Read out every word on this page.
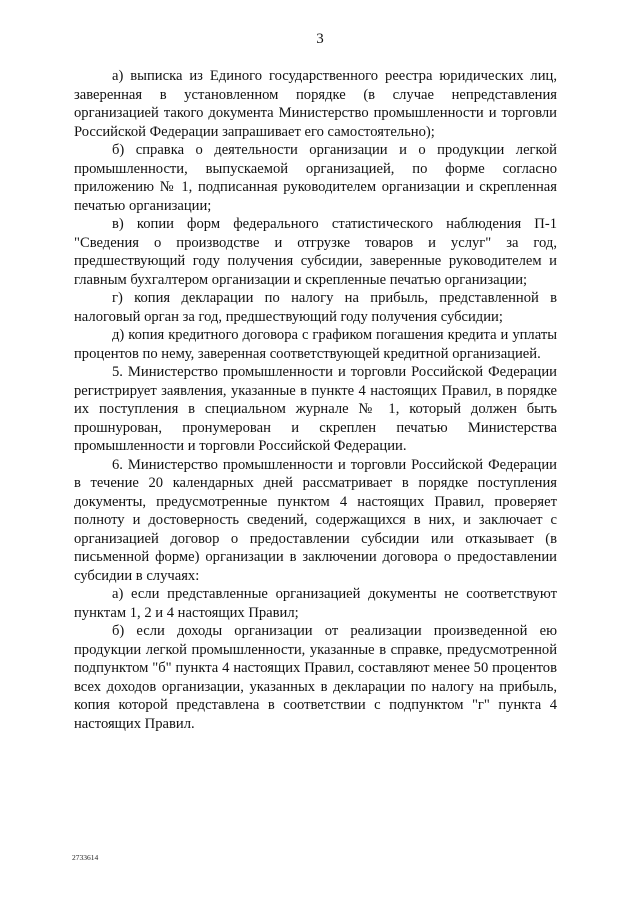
3

а) выписка из Единого государственного реестра юридических лиц, заверенная в установленном порядке (в случае непредставления организацией такого документа Министерство промышленности и торговли Российской Федерации запрашивает его самостоятельно);

б) справка о деятельности организации и о продукции легкой промышленности, выпускаемой организацией, по форме согласно приложению № 1, подписанная руководителем организации и скрепленная печатью организации;

в) копии форм федерального статистического наблюдения П-1 "Сведения о производстве и отгрузке товаров и услуг" за год, предшествующий году получения субсидии, заверенные руководителем и главным бухгалтером организации и скрепленные печатью организации;

г) копия декларации по налогу на прибыль, представленной в налоговый орган за год, предшествующий году получения субсидии;

д) копия кредитного договора с графиком погашения кредита и уплаты процентов по нему, заверенная соответствующей кредитной организацией.

5. Министерство промышленности и торговли Российской Федерации регистрирует заявления, указанные в пункте 4 настоящих Правил, в порядке их поступления в специальном журнале № 1, который должен быть прошнурован, пронумерован и скреплен печатью Министерства промышленности и торговли Российской Федерации.

6. Министерство промышленности и торговли Российской Федерации в течение 20 календарных дней рассматривает в порядке поступления документы, предусмотренные пунктом 4 настоящих Правил, проверяет полноту и достоверность сведений, содержащихся в них, и заключает с организацией договор о предоставлении субсидии или отказывает (в письменной форме) организации в заключении договора о предоставлении субсидии в случаях:

а) если представленные организацией документы не соответствуют пунктам 1, 2 и 4 настоящих Правил;

б) если доходы организации от реализации произведенной ею продукции легкой промышленности, указанные в справке, предусмотренной подпунктом "б" пункта 4 настоящих Правил, составляют менее 50 процентов всех доходов организации, указанных в декларации по налогу на прибыль, копия которой представлена в соответствии с подпунктом "г" пункта 4 настоящих Правил.

2733614
